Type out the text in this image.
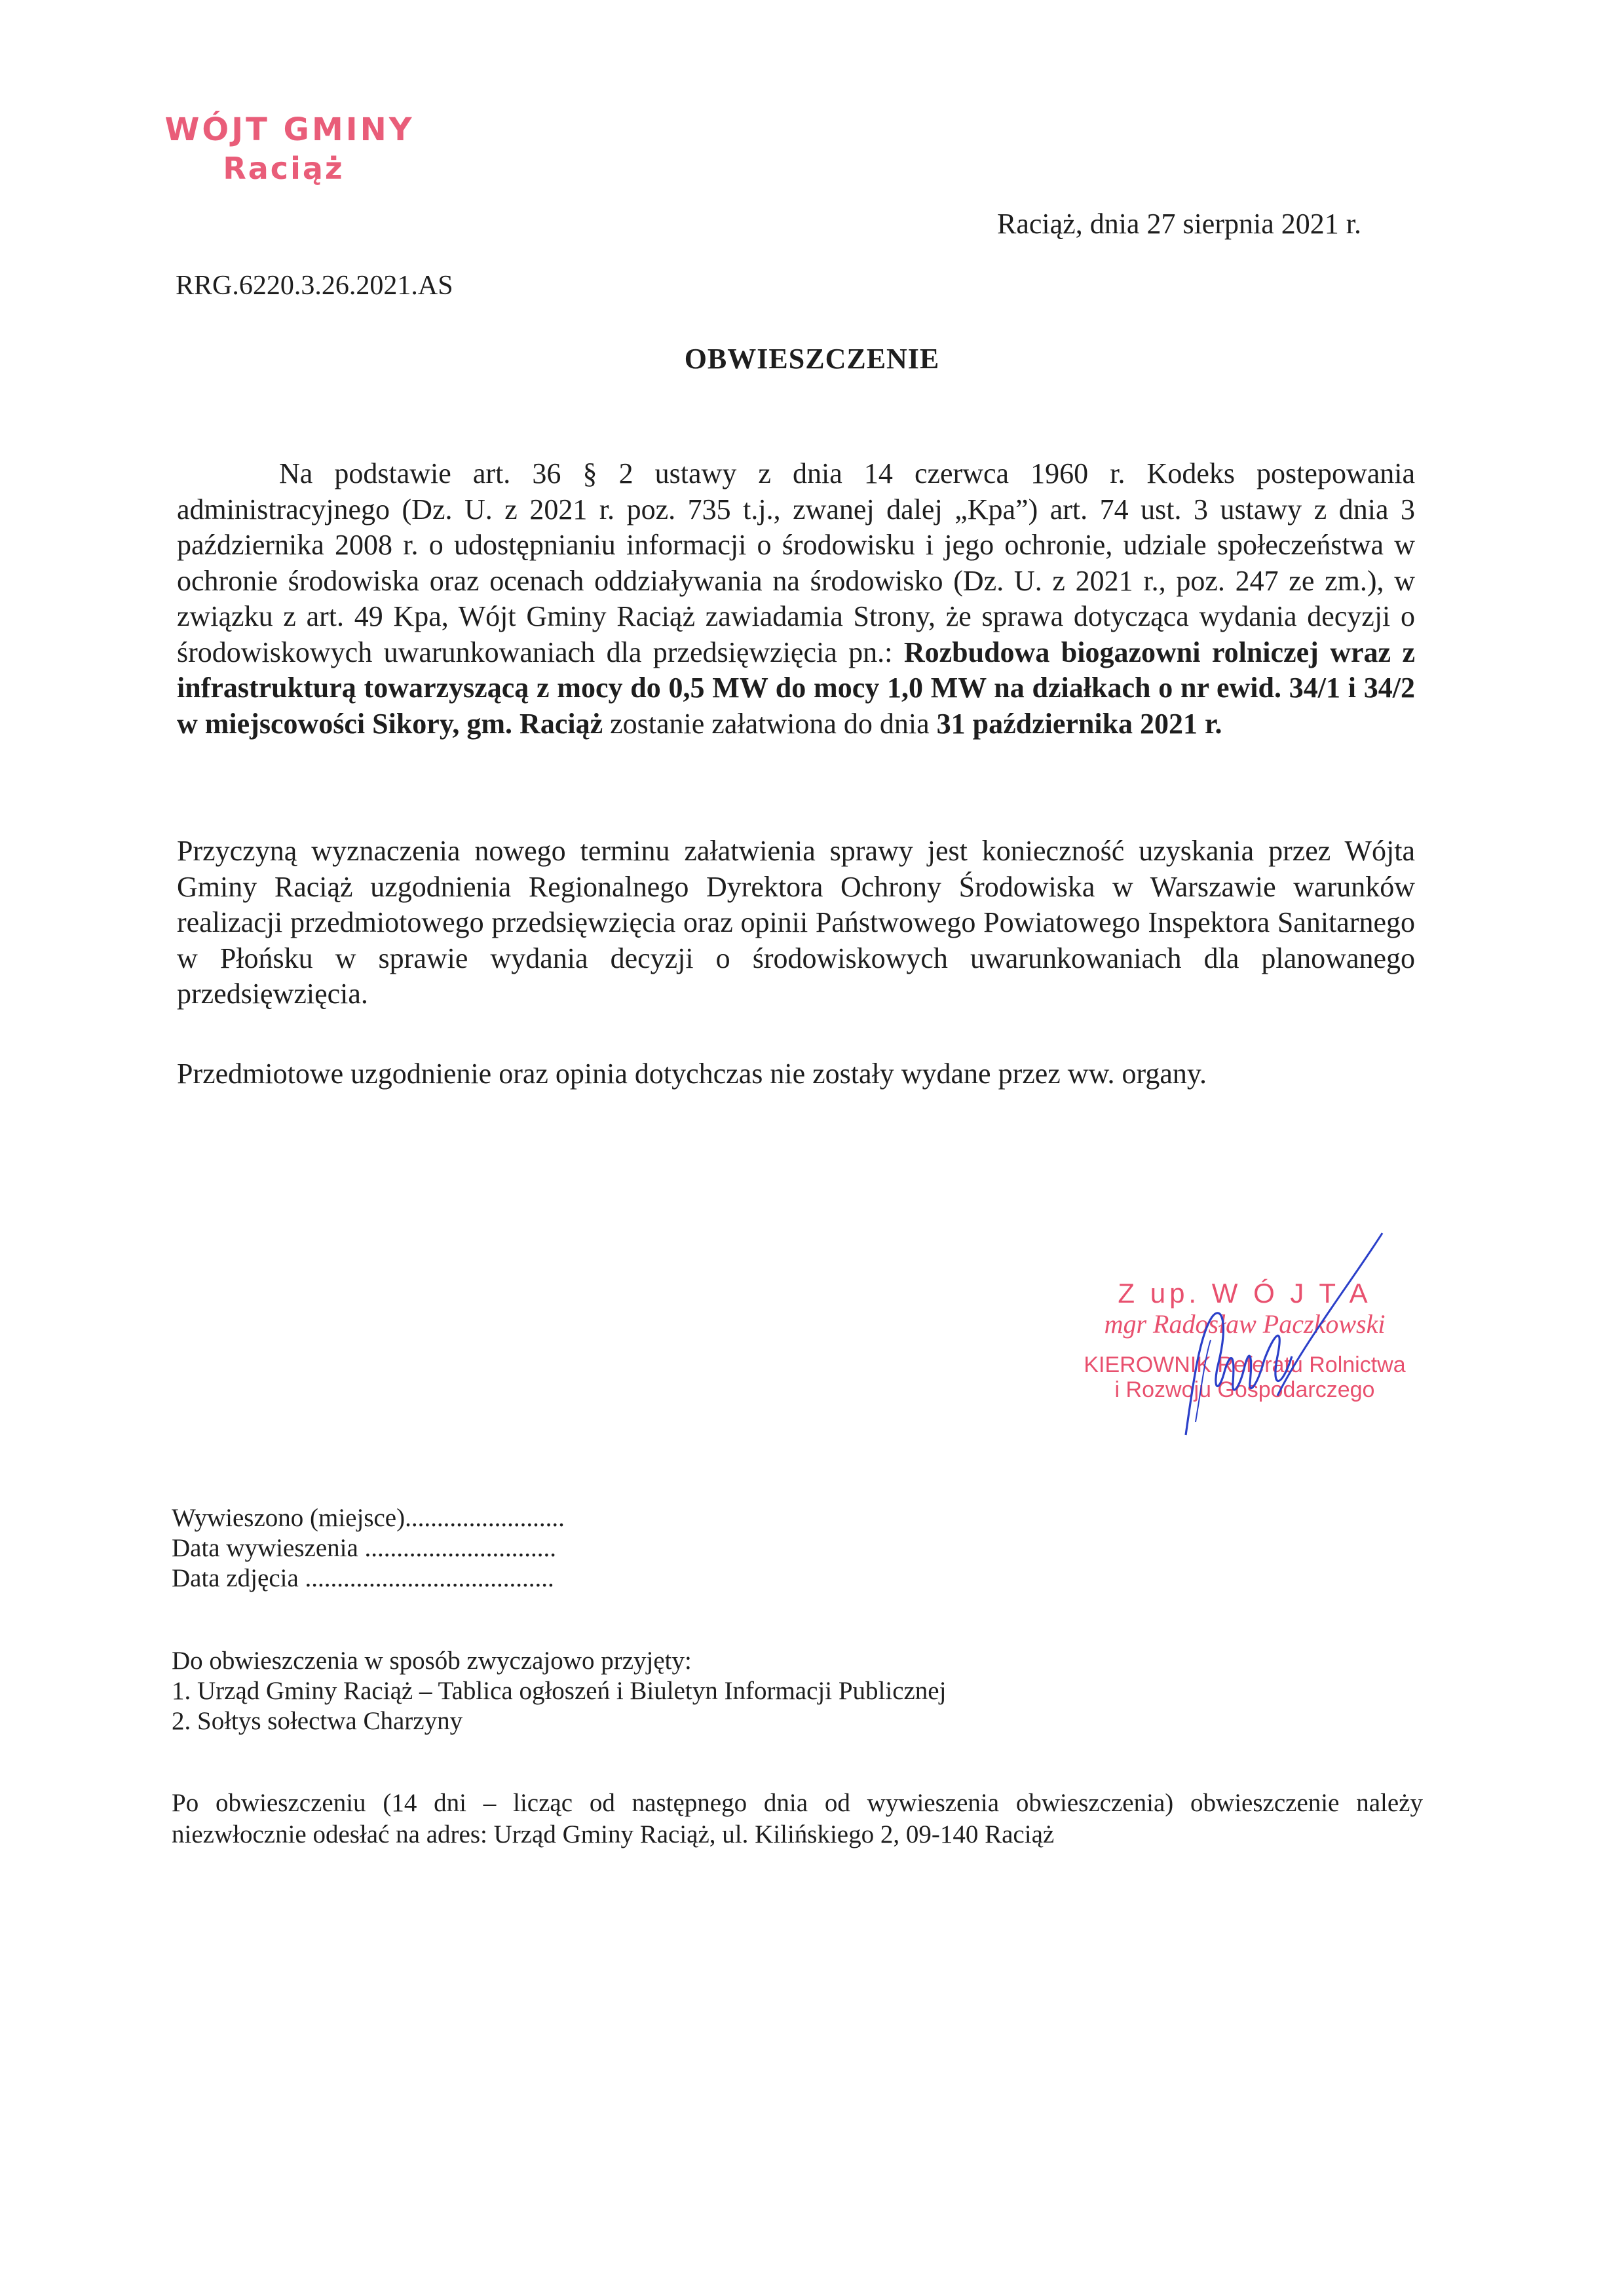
WÓJT GMINY
Raciąż
Raciąż, dnia 27 sierpnia 2021 r.
RRG.6220.3.26.2021.AS
OBWIESZCZENIE

Na podstawie art. 36 § 2 ustawy z dnia 14 czerwca 1960 r. Kodeks postepowania administracyjnego (Dz. U. z 2021 r. poz. 735 t.j., zwanej dalej „Kpa”) art. 74 ust. 3 ustawy z dnia 3 października 2008 r. o udostępnianiu informacji o środowisku i jego ochronie, udziale społeczeństwa w ochronie środowiska oraz ocenach oddziaływania na środowisko (Dz. U. z 2021 r., poz. 247 ze zm.), w związku z art. 49 Kpa, Wójt Gminy Raciąż zawiadamia Strony, że sprawa dotycząca wydania decyzji o środowiskowych uwarunkowaniach dla przedsięwzięcia pn.: Rozbudowa biogazowni rolniczej wraz z infrastrukturą towarzyszącą z mocy do 0,5 MW do mocy 1,0 MW na działkach o nr ewid. 34/1 i 34/2 w miejscowości Sikory, gm. Raciąż zostanie załatwiona do dnia 31 października 2021 r.

Przyczyną wyznaczenia nowego terminu załatwienia sprawy jest konieczność uzyskania przez Wójta Gminy Raciąż uzgodnienia Regionalnego Dyrektora Ochrony Środowiska w Warszawie warunków realizacji przedmiotowego przedsięwzięcia oraz opinii Państwowego Powiatowego Inspektora Sanitarnego w Płońsku w sprawie wydania decyzji o środowiskowych uwarunkowaniach dla planowanego przedsięwzięcia.

Przedmiotowe uzgodnienie oraz opinia dotychczas nie zostały wydane przez ww. organy.

Z up. W Ó J T A
mgr Radosław Paczkowski
KIEROWNIK Referatu Rolnictwa
i Rozwoju Gospodarczego
Wywieszono (miejsce).........................
Data wywieszenia ..............................
Data zdjęcia .......................................
Do obwieszczenia w sposób zwyczajowo przyjęty:
1. Urząd Gminy Raciąż – Tablica ogłoszeń i Biuletyn Informacji Publicznej
2. Sołtys sołectwa Charzyny
Po obwieszczeniu (14 dni – licząc od następnego dnia od wywieszenia obwieszczenia) obwieszczenie należy niezwłocznie odesłać na adres: Urząd Gminy Raciąż, ul. Kilińskiego 2, 09-140 Raciąż
